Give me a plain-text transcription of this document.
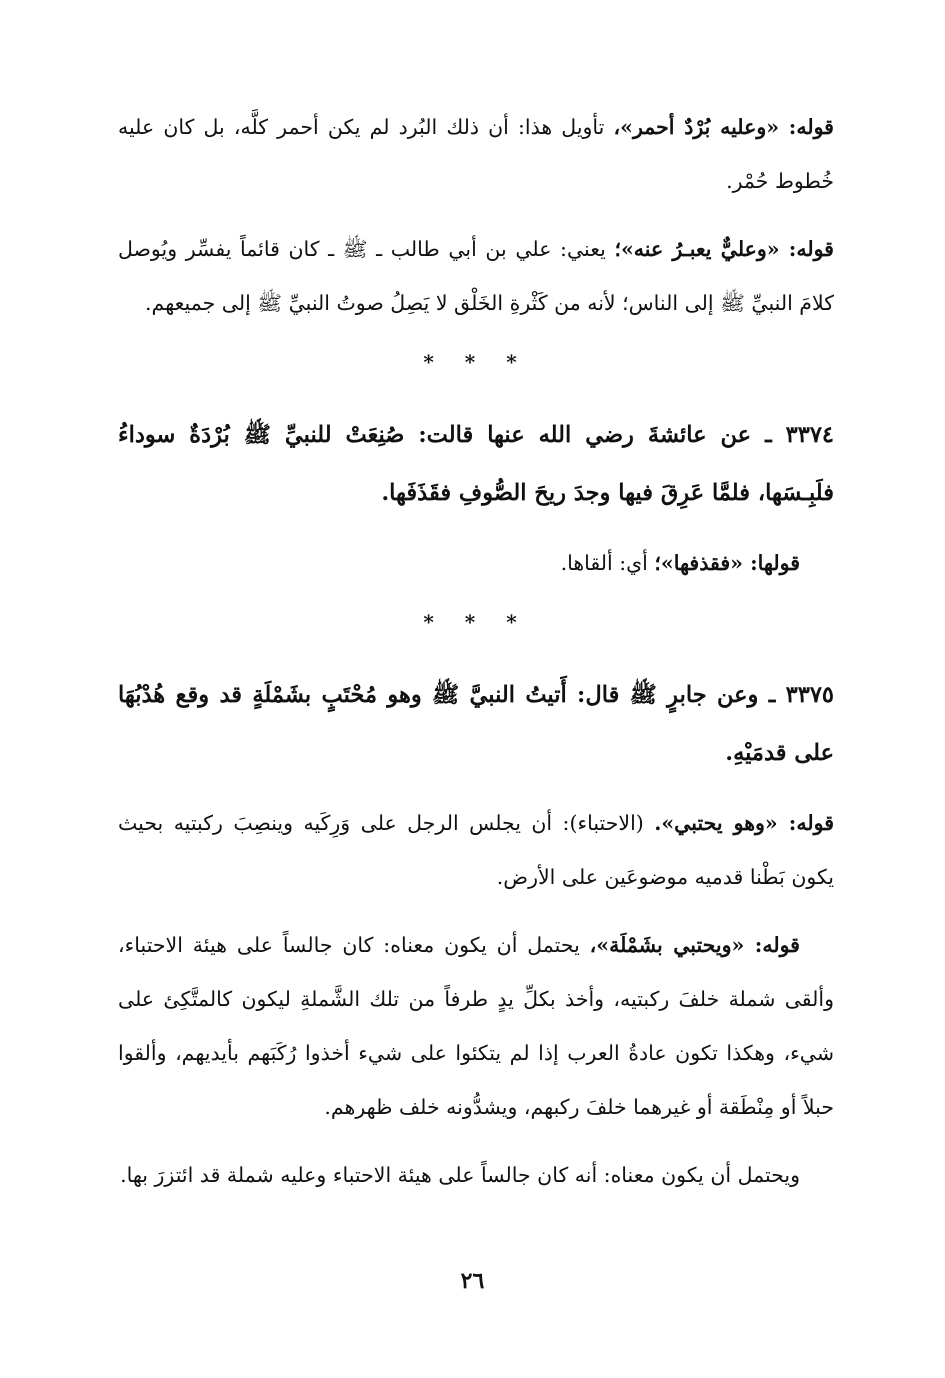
قوله: «وعليه بُرْدٌ أحمر»، تأويل هذا: أن ذلك البُرد لم يكن أحمر كلَّه، بل كان عليه خُطوط حُمْر.

قوله: «وعليٌّ يعبـرُ عنه»؛ يعني: علي بن أبي طالب ـ ﷺ ـ كان قائماً يفسِّر ويُوصل كلامَ النبيِّ ﷺ إلى الناس؛ لأنه من كَثْرةِ الخَلْق لا يَصِلُ صوتُ النبيِّ ﷺ إلى جميعهم.

* * *

٣٣٧٤ ـ عن عائشةَ رضي الله عنها قالت: صُنِعَتْ للنبيِّ ﷺ بُرْدَةٌ سوداءُ فلَبِـسَها، فلمَّا عَرِقَ فيها وجدَ ريحَ الصُّوفِ فقَذَفَها.

قولها: «فقذفها»؛ أي: ألقاها.

* * *

٣٣٧٥ ـ وعن جابرٍ ﷺ قال: أَتيتُ النبيَّ ﷺ وهو مُحْتَبٍ بشَمْلَةٍ قد وقع هُدْبُهَا على قدمَيْهِ.

قوله: «وهو يحتبي». (الاحتباء): أن يجلس الرجل على وَرِكَيه وينصِبَ ركبتيه بحيث يكون بَطْنا قدميه موضوعَين على الأرض.

قوله: «ويحتبي بشَمْلَة»، يحتمل أن يكون معناه: كان جالساً على هيئة الاحتباء، وألقى شملة خلفَ ركبتيه، وأخذ بكلِّ يدٍ طرفاً من تلك الشَّملةِ ليكون كالمتَّكِئ على شيء، وهكذا تكون عادةُ العرب إذا لم يتكئوا على شيء أخذوا رُكَبَهم بأيديهم، وألقوا حبلاً أو مِنْطَقة أو غيرهما خلفَ ركبهم، ويشدُّونه خلف ظهرهم.

ويحتمل أن يكون معناه: أنه كان جالساً على هيئة الاحتباء وعليه شملة قد ائتزرَ بها.

٢٦
